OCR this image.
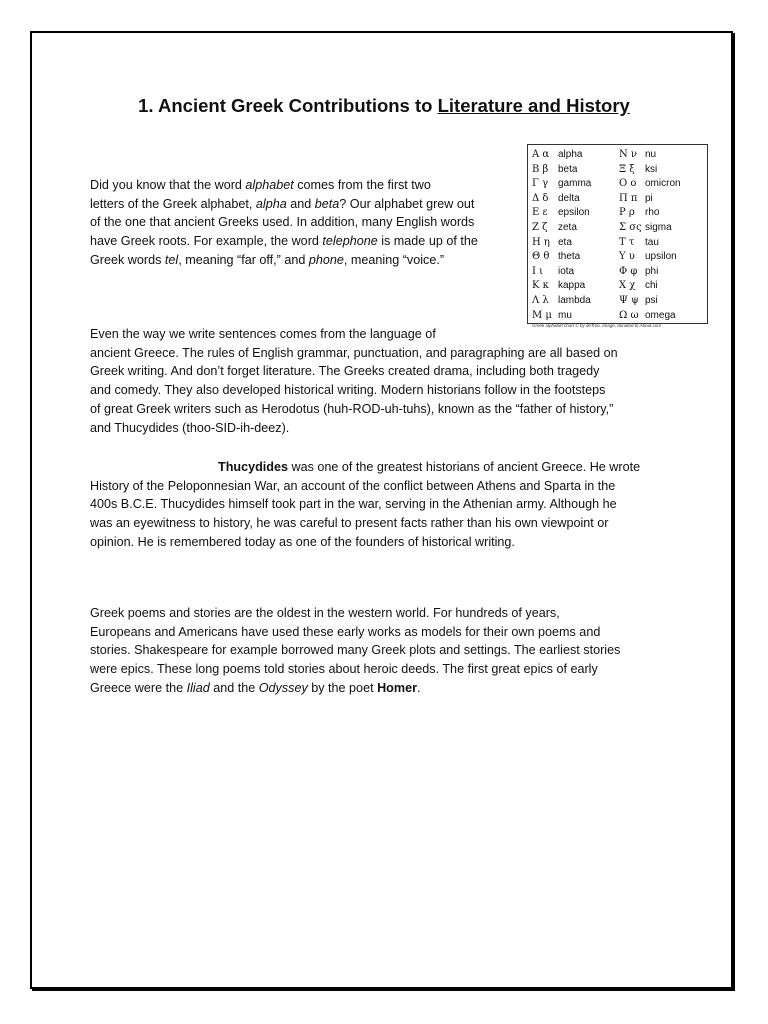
1. Ancient Greek Contributions to Literature and History
Α α	alpha	Ν ν	nu
Β β	beta	Ξ ξ	ksi
Γ γ	gamma	Ο ο	omicron
Δ δ	delta	Π π	pi
Ε ε	epsilon	Ρ ρ	rho
Ζ ζ	zeta	Σ σς	sigma
Η η	eta	Τ τ	tau
Θ θ	theta	Υ υ	upsilon
Ι ι	iota	Φ φ	phi
Κ κ	kappa	Χ χ	chi
Λ λ	lambda	Ψ ψ	psi
Μ μ	mu	Ω ω	omega
Greek alphabet chart © by deTroo. Image, donated to About.com

Did you know that the word alphabet comes from the first two
letters of the Greek alphabet, alpha and beta? Our alphabet grew out
of the one that ancient Greeks used. In addition, many English words
have Greek roots. For example, the word telephone is made up of the
Greek words tel, meaning “far off,” and phone, meaning “voice.”

Even the way we write sentences comes from the language of
ancient Greece. The rules of English grammar, punctuation, and paragraphing are all based on
Greek writing. And don’t forget literature. The Greeks created drama, including both tragedy
and comedy. They also developed historical writing. Modern historians follow in the footsteps
of great Greek writers such as Herodotus (huh-ROD-uh-tuhs), known as the “father of history,”
and Thucydides (thoo-SID-ih-deez).

Thucydides was one of the greatest historians of ancient Greece. He wrote
History of the Peloponnesian War, an account of the conflict between Athens and Sparta in the
400s B.C.E. Thucydides himself took part in the war, serving in the Athenian army. Although he
was an eyewitness to history, he was careful to present facts rather than his own viewpoint or
opinion. He is remembered today as one of the founders of historical writing.

Greek poems and stories are the oldest in the western world. For hundreds of years,
Europeans and Americans have used these early works as models for their own poems and
stories. Shakespeare for example borrowed many Greek plots and settings. The earliest stories
were epics. These long poems told stories about heroic deeds. The first great epics of early
Greece were the Iliad and the Odyssey by the poet Homer.
